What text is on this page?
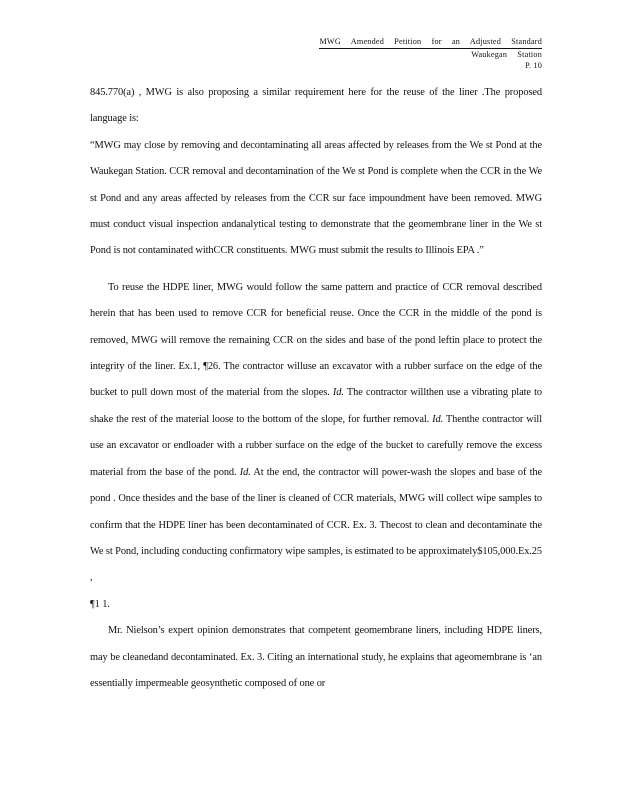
MWG Amended Petition for an Adjusted Standard
Waukegan Station
P. 10

845.770(a) , MWG is also proposing a similar requirement here for the reuse of the liner .The proposed language is:

“MWG may close by removing and decontaminating all areas affected by releases from the We st Pond at the Waukegan Station. CCR removal and decontamination of the We st Pond is complete when the CCR in the We st Pond and any areas affected by releases from the CCR sur face impoundment have been removed. MWG must conduct visual inspection andanalytical testing to demonstrate that the geomembrane liner in the We st Pond is not contaminated withCCR constituents. MWG must submit the results to Illinois EPA .”

To reuse the HDPE liner, MWG would follow the same pattern and practice of CCR removal described herein that has been used to remove CCR for beneficial reuse. Once the CCR in the middle of the pond is removed, MWG will remove the remaining CCR on the sides and base of the pond leftin place to protect the integrity of the liner. Ex.1, ¶26. The contractor willuse an excavator with a rubber surface on the edge of the bucket to pull down most of the material from the slopes. Id. The contractor willthen use a vibrating plate to shake the rest of the material loose to the bottom of the slope, for further removal. Id. Thenthe contractor will use an excavator or endloader with a rubber surface on the edge of the bucket to carefully remove the excess material from the base of the pond. Id. At the end, the contractor will power-wash the slopes and base of the pond . Once thesides and the base of the liner is cleaned of CCR materials, MWG will collect wipe samples to confirm that the HDPE liner has been decontaminated of CCR. Ex. 3. Thecost to clean and decontaminate the We st Pond, including conducting confirmatory wipe samples, is estimated to be approximately$105,000.Ex.25 ,

¶1 1.

Mr. Nielson’s expert opinion demonstrates that competent geomembrane liners, including HDPE liners, may be cleanedand decontaminated. Ex. 3. Citing an international study, he explains that ageomembrane is ‘an essentially impermeable geosynthetic composed of one or
